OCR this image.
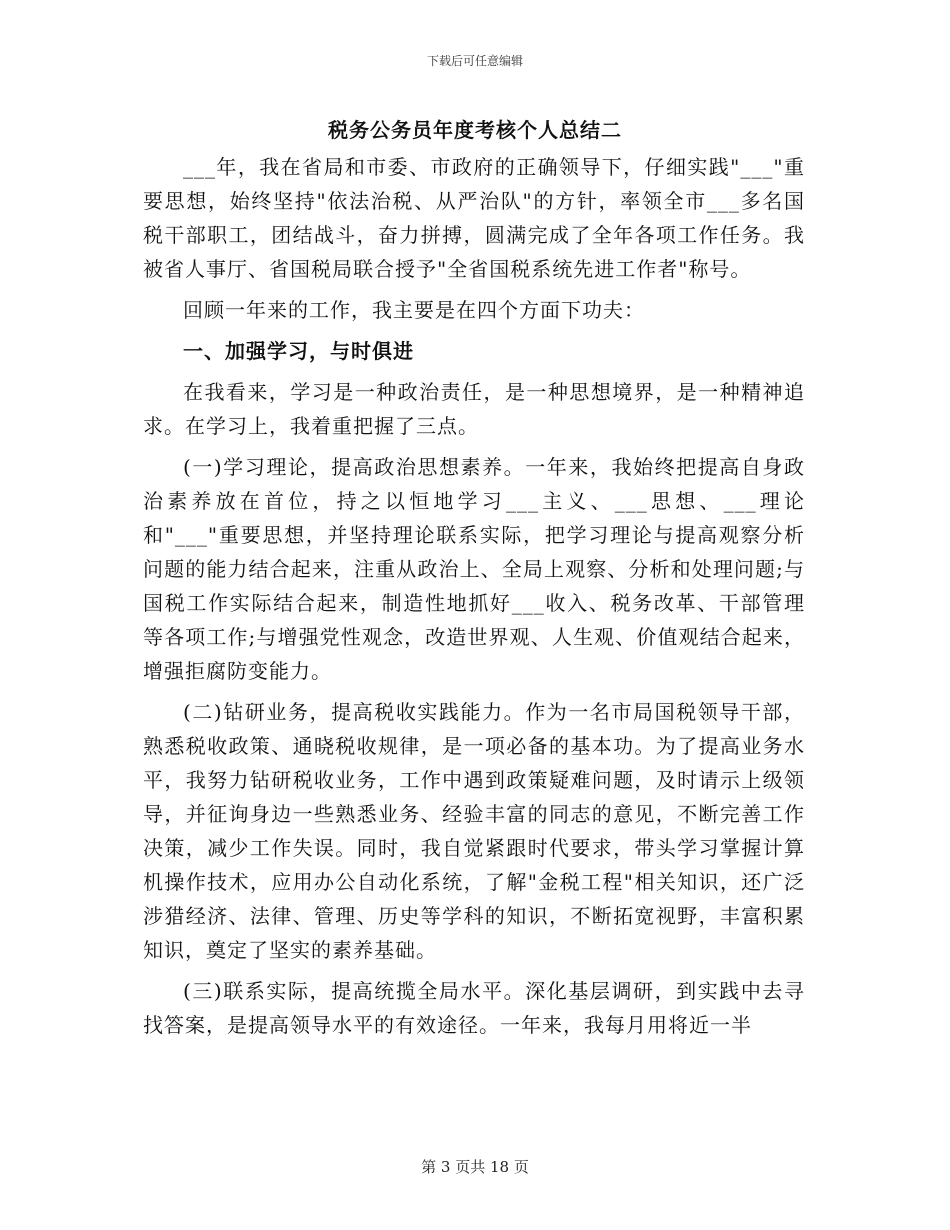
下载后可任意编辑
税务公务员年度考核个人总结二

___年，我在省局和市委、市政府的正确领导下，仔细实践"___"重要思想，始终坚持"依法治税、从严治队"的方针，率领全市___多名国税干部职工，团结战斗，奋力拼搏，圆满完成了全年各项工作任务。我被省人事厅、省国税局联合授予"全省国税系统先进工作者"称号。

回顾一年来的工作，我主要是在四个方面下功夫：

一、加强学习，与时俱进

在我看来，学习是一种政治责任，是一种思想境界，是一种精神追求。在学习上，我着重把握了三点。

(一)学习理论，提高政治思想素养。一年来，我始终把提高自身政治素养放在首位，持之以恒地学习___主义、___思想、___理论和"___"重要思想，并坚持理论联系实际，把学习理论与提高观察分析问题的能力结合起来，注重从政治上、全局上观察、分析和处理问题;与国税工作实际结合起来，制造性地抓好___收入、税务改革、干部管理等各项工作;与增强党性观念，改造世界观、人生观、价值观结合起来，增强拒腐防变能力。

(二)钻研业务，提高税收实践能力。作为一名市局国税领导干部，熟悉税收政策、通晓税收规律，是一项必备的基本功。为了提高业务水平，我努力钻研税收业务，工作中遇到政策疑难问题，及时请示上级领导，并征询身边一些熟悉业务、经验丰富的同志的意见，不断完善工作决策，减少工作失误。同时，我自觉紧跟时代要求，带头学习掌握计算机操作技术，应用办公自动化系统，了解"金税工程"相关知识，还广泛涉猎经济、法律、管理、历史等学科的知识，不断拓宽视野，丰富积累知识，奠定了坚实的素养基础。

(三)联系实际，提高统揽全局水平。深化基层调研，到实践中去寻找答案，是提高领导水平的有效途径。一年来，我每月用将近一半

第 3 页共 18 页
